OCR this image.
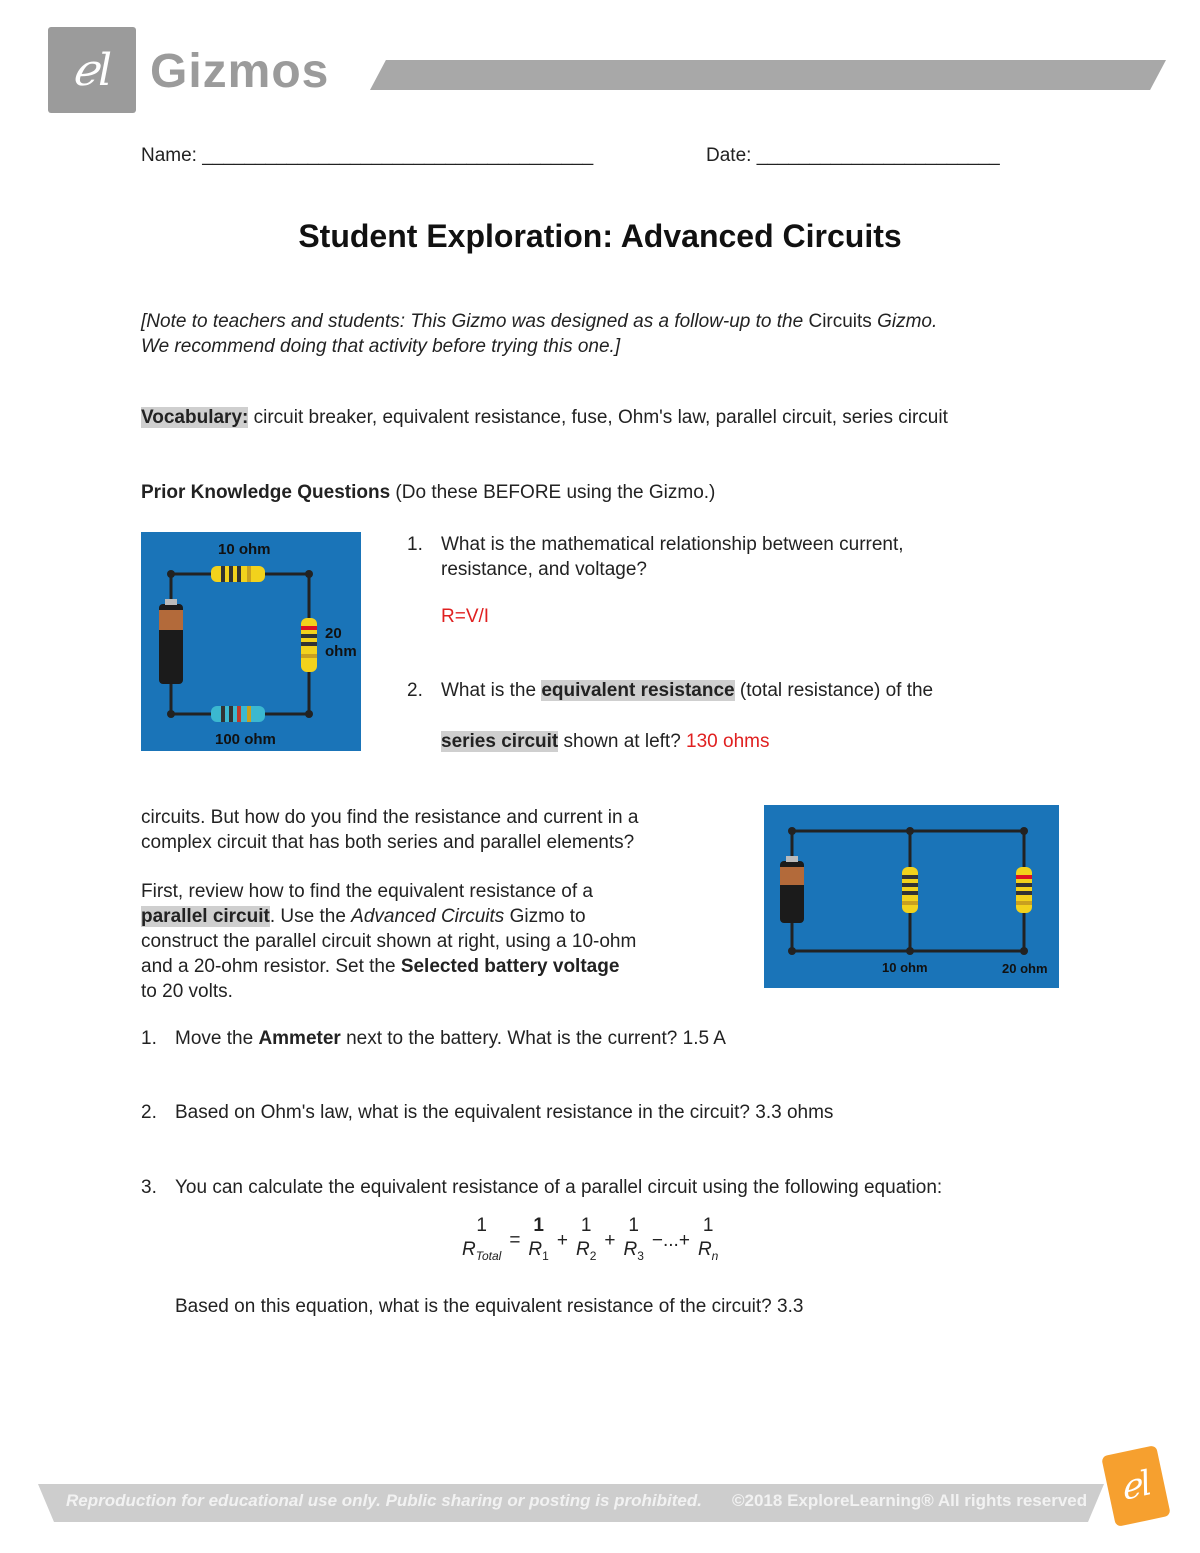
ℯl Gizmos
Name: _____________________________________	Date: _______________________
Student Exploration: Advanced Circuits
[Note to teachers and students: This Gizmo was designed as a follow-up to the Circuits Gizmo.
We recommend doing that activity before trying this one.]
Vocabulary: circuit breaker, equivalent resistance, fuse, Ohm's law, parallel circuit, series circuit
Prior Knowledge Questions (Do these BEFORE using the Gizmo.)
10 ohm
20
ohm
100 ohm
1. What is the mathematical relationship between current,
resistance, and voltage?
R=V/I
2. What is the equivalent resistance (total resistance) of the
series circuit shown at left? 130 ohms
circuits. But how do you find the resistance and current in a
complex circuit that has both series and parallel elements?
First, review how to find the equivalent resistance of a
parallel circuit. Use the Advanced Circuits Gizmo to
construct the parallel circuit shown at right, using a 10-ohm
and a 20-ohm resistor. Set the Selected battery voltage
to 20 volts.
10 ohm	20 ohm
1. Move the Ammeter next to the battery. What is the current? 1.5 A
2. Based on Ohm's law, what is the equivalent resistance in the circuit? 3.3 ohms
3. You can calculate the equivalent resistance of a parallel circuit using the following equation:
1
$R_{Total}$
=
1
$R_1$
+
1
$R_2$
+
1
$R_3$
−...+
1
$R_n$
Based on this equation, what is the equivalent resistance of the circuit? 3.3
Reproduction for educational use only. Public sharing or posting is prohibited. ©2018 ExploreLearning® All rights reserved ℯl
